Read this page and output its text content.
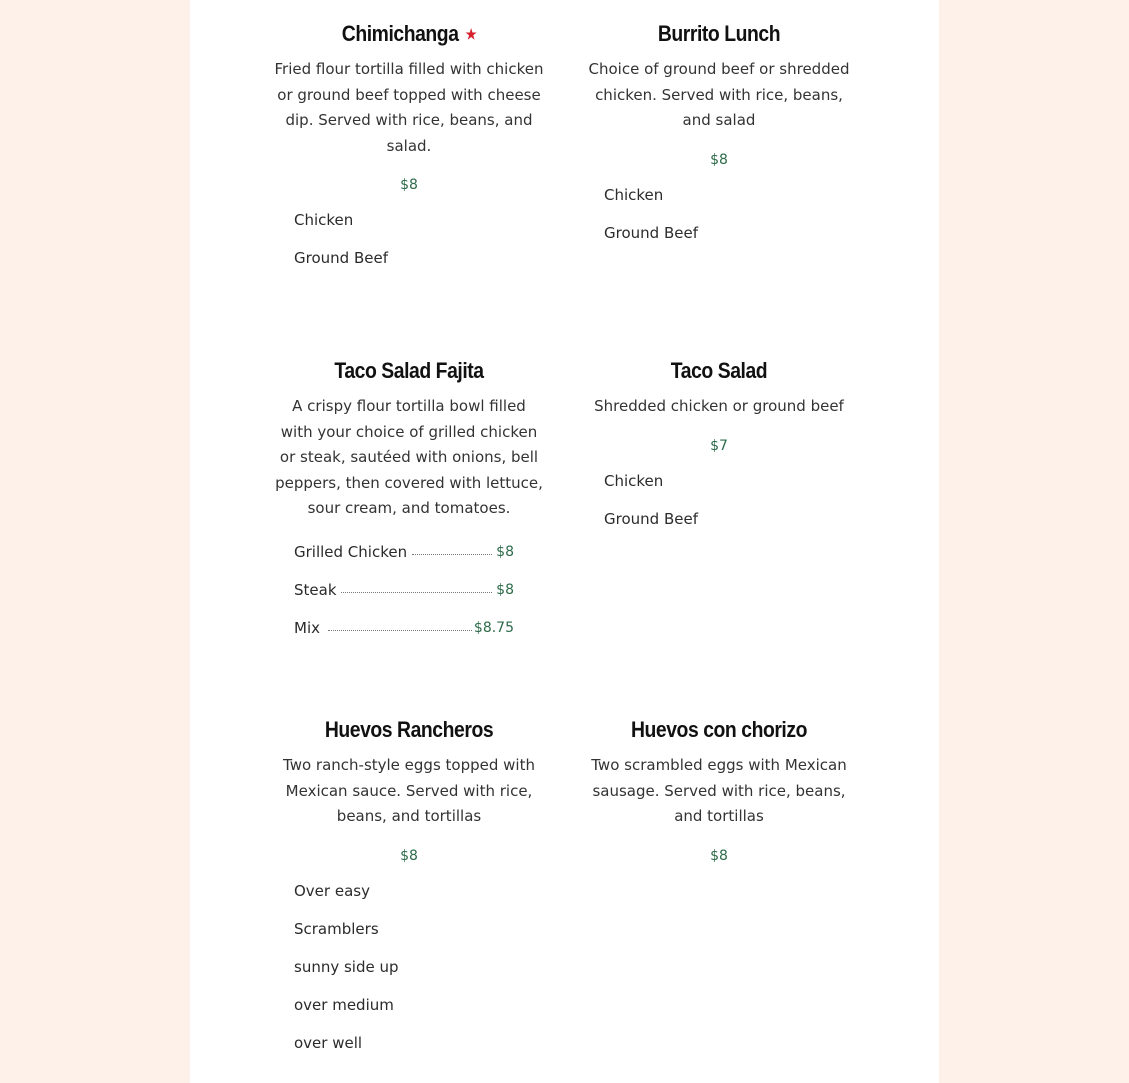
Chimichanga ★

Fried flour tortilla filled with chicken or ground beef topped with cheese dip. Served with rice, beans, and salad.

$8
Chicken
Ground Beef
Burrito Lunch

Choice of ground beef or shredded chicken. Served with rice, beans, and salad

$8
Chicken
Ground Beef
Taco Salad Fajita

A crispy flour tortilla bowl filled with your choice of grilled chicken or steak, sautéed with onions, bell peppers, then covered with lettuce, sour cream, and tomatoes.

Grilled Chicken	$8
Steak	$8
Mix	$8.75
Taco Salad

Shredded chicken or ground beef

$7
Chicken
Ground Beef
Huevos Rancheros

Two ranch-style eggs topped with Mexican sauce. Served with rice, beans, and tortillas

$8
Over easy
Scramblers
sunny side up
over medium
over well
Huevos con chorizo

Two scrambled eggs with Mexican sausage. Served with rice, beans, and tortillas

$8
